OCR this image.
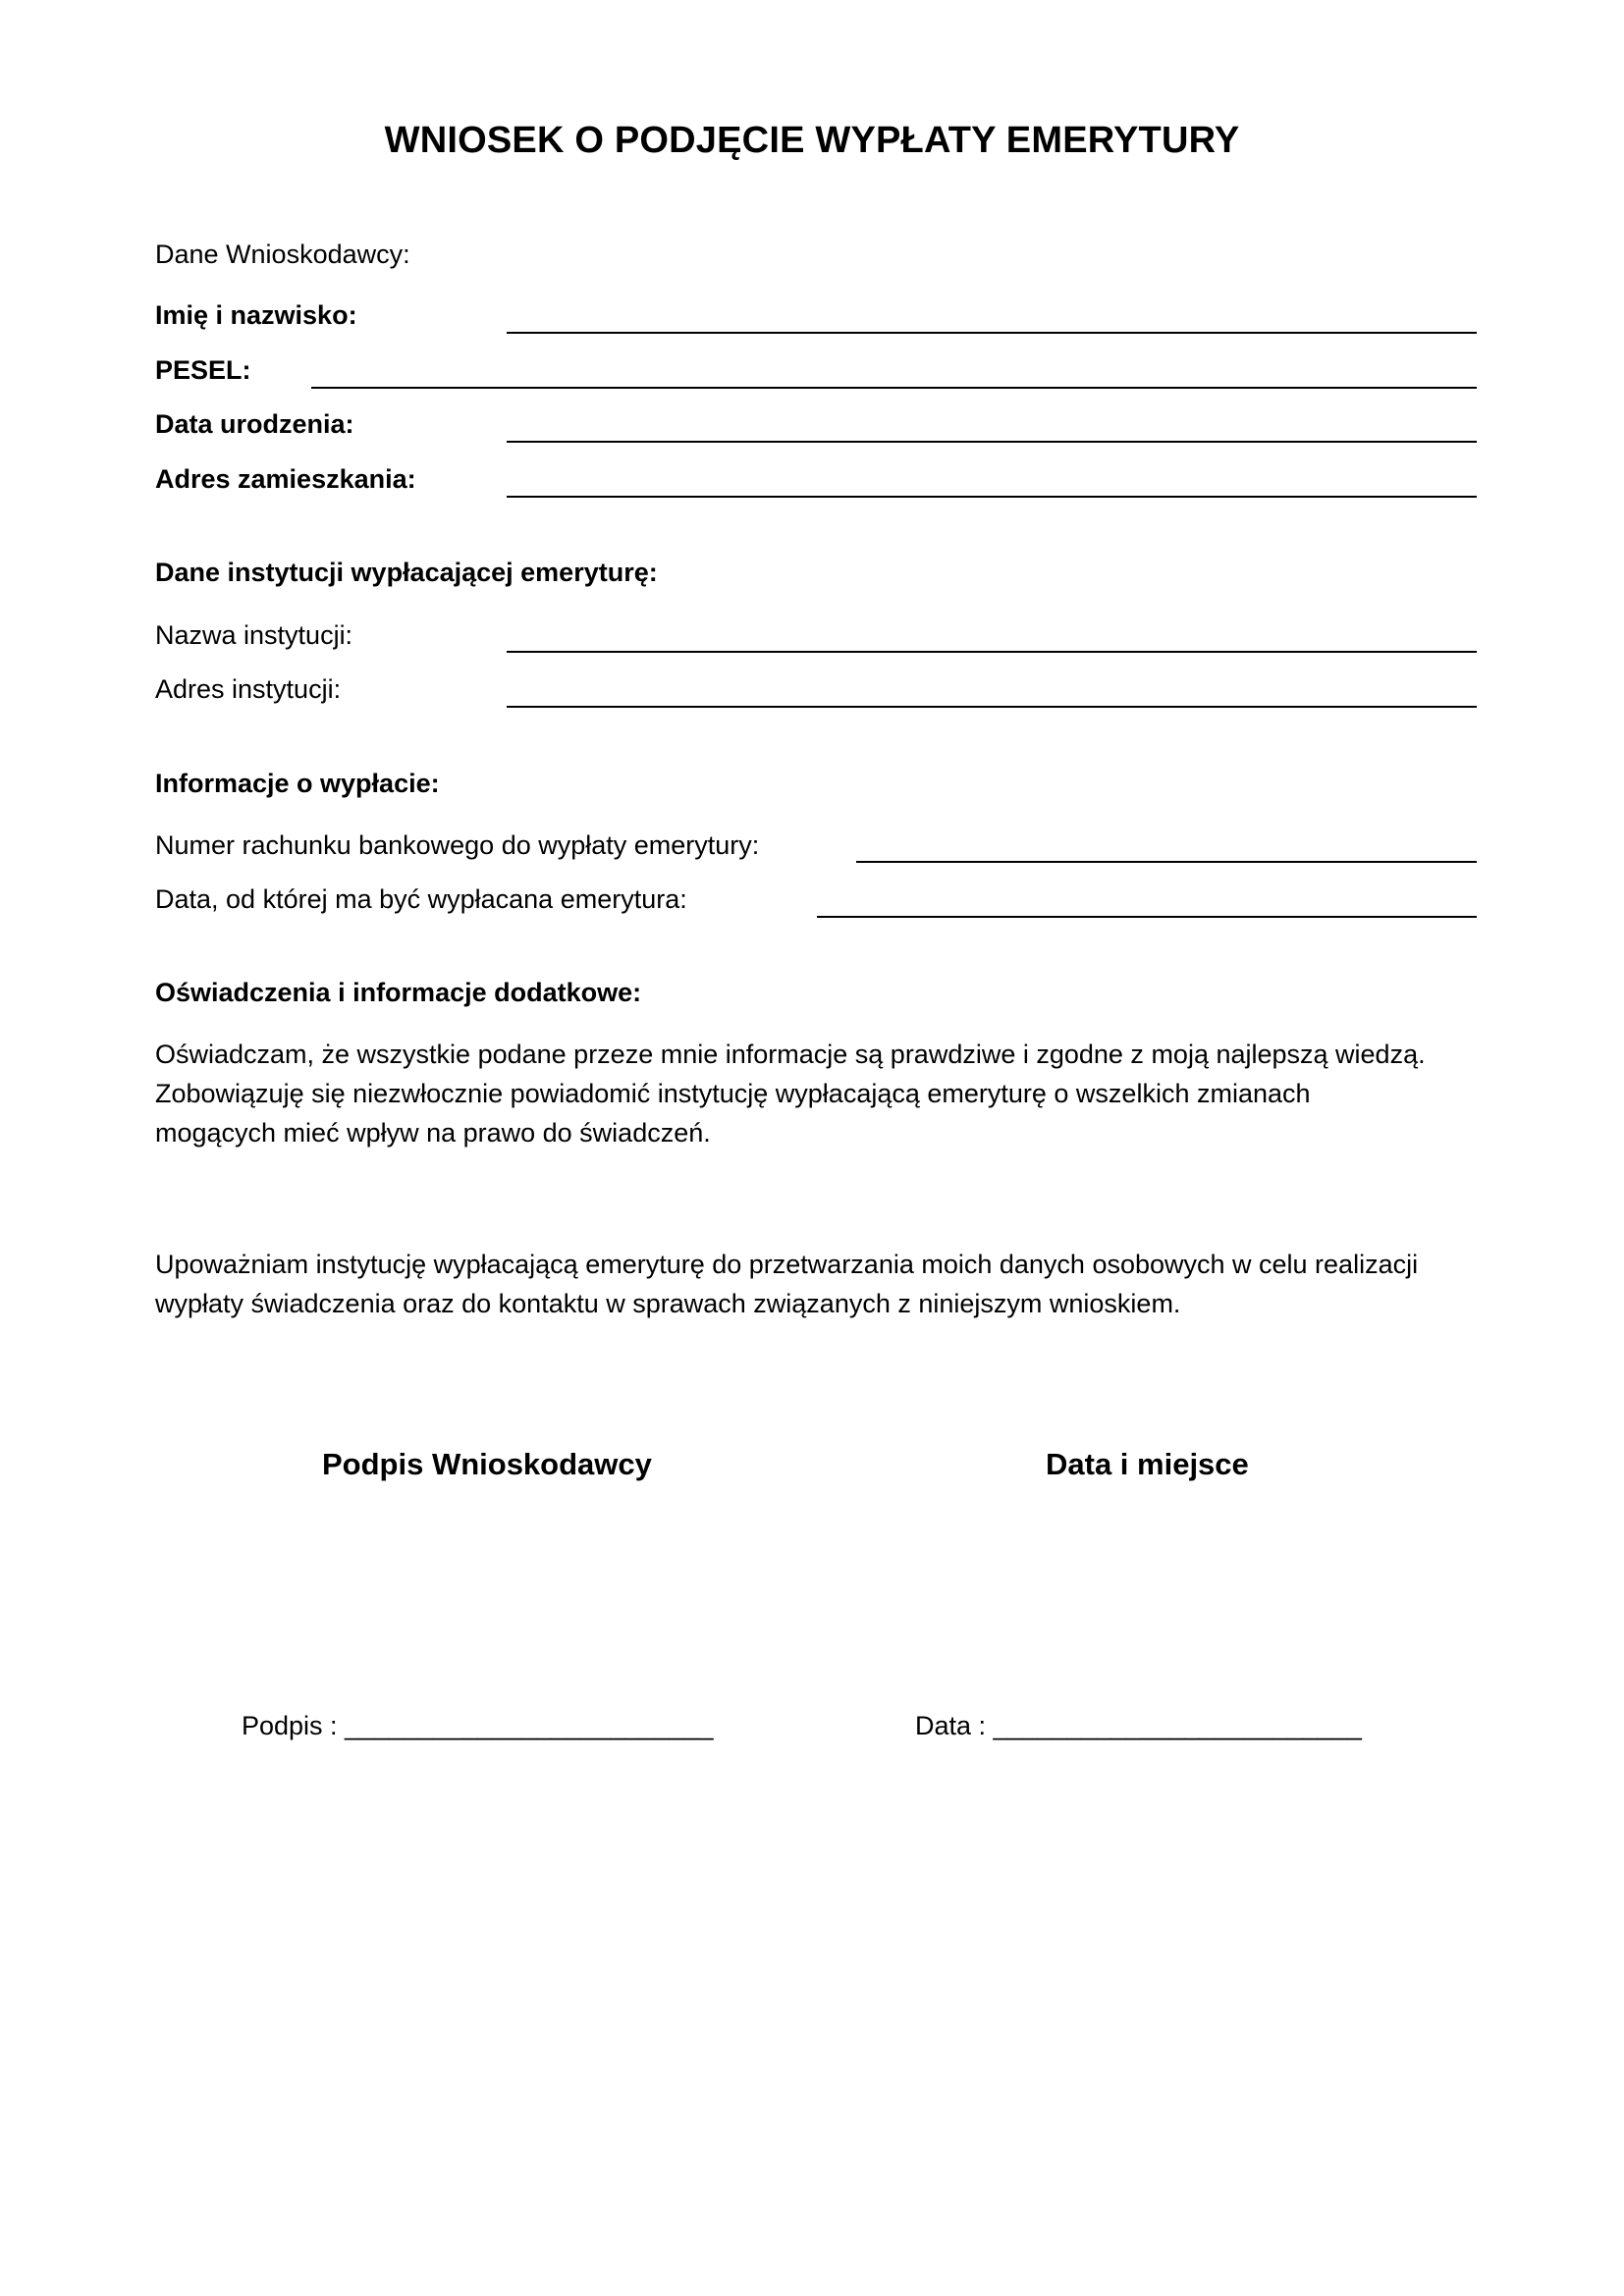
WNIOSEK O PODJĘCIE WYPŁATY EMERYTURY
Dane Wnioskodawcy:
Imię i nazwisko:
PESEL:
Data urodzenia:
Adres zamieszkania:
Dane instytucji wypłacającej emeryturę:
Nazwa instytucji:
Adres instytucji:
Informacje o wypłacie:
Numer rachunku bankowego do wypłaty emerytury:
Data, od której ma być wypłacana emerytura:
Oświadczenia i informacje dodatkowe:
Oświadczam, że wszystkie podane przeze mnie informacje są prawdziwe i zgodne z moją najlepszą wiedzą.
Zobowiązuję się niezwłocznie powiadomić instytucję wypłacającą emeryturę o wszelkich zmianach
mogących mieć wpływ na prawo do świadczeń.
Upoważniam instytucję wypłacającą emeryturę do przetwarzania moich danych osobowych w celu realizacji
wypłaty świadczenia oraz do kontaktu w sprawach związanych z niniejszym wnioskiem.
Podpis Wnioskodawcy	Data i miejsce
Podpis : _________________________	Data : _________________________
